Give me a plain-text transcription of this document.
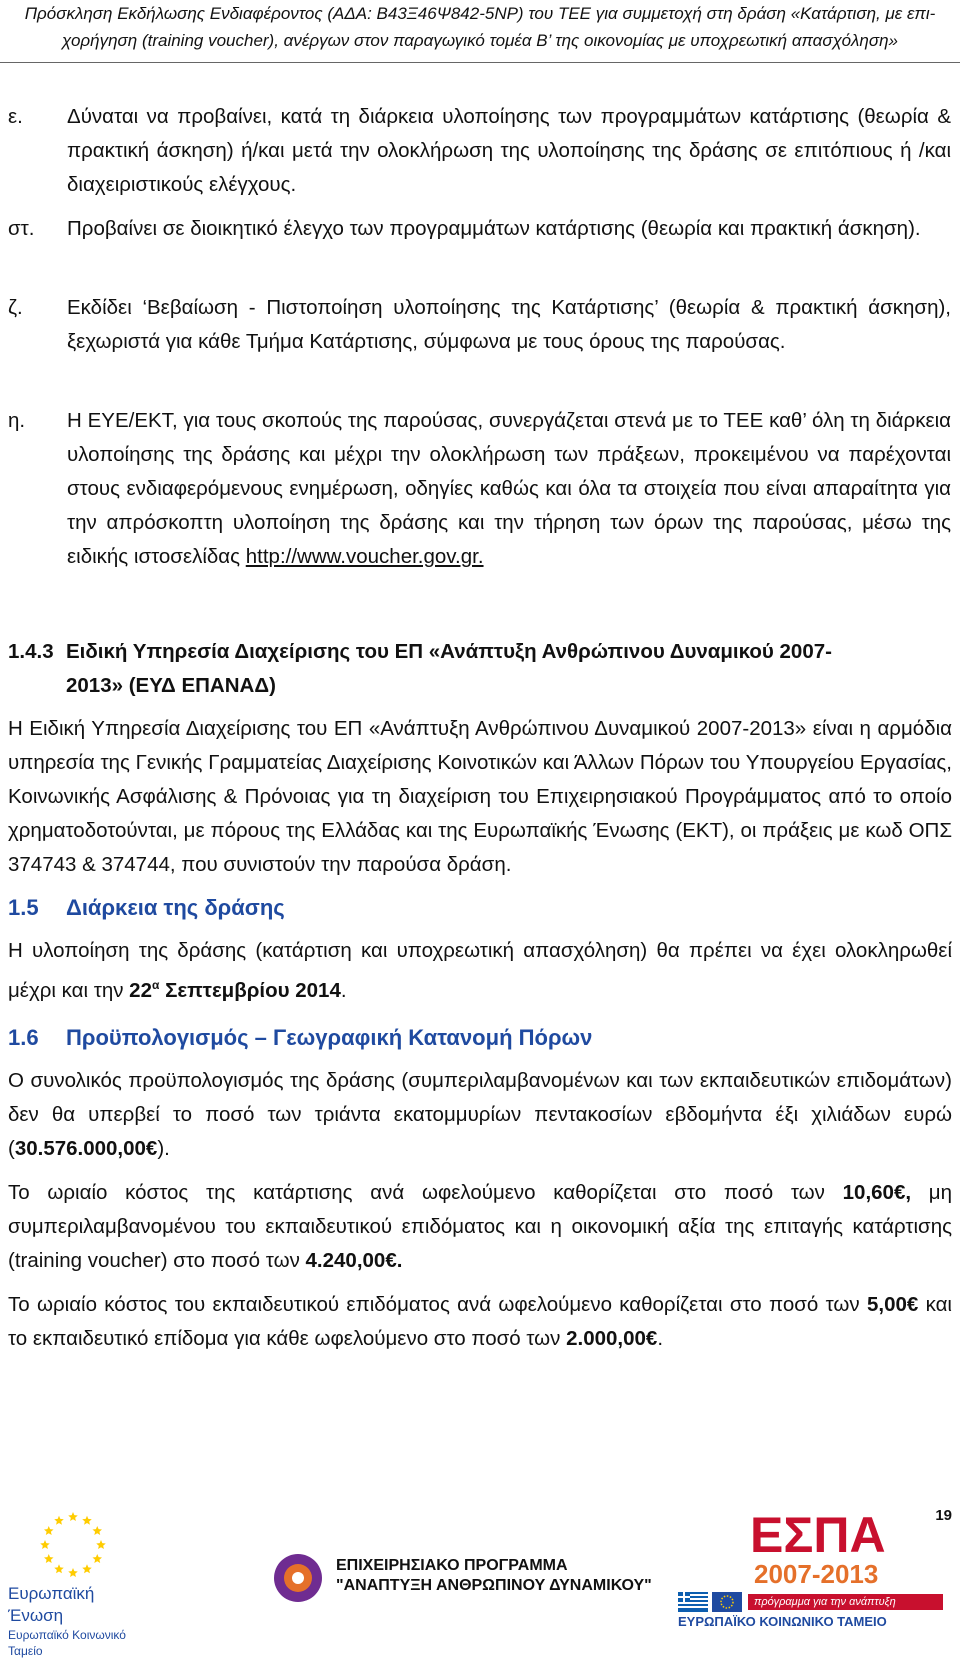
Πρόσκληση Εκδήλωσης Ενδιαφέροντος (ΑΔΑ: Β43Ξ46Ψ842-5ΝΡ) του ΤΕΕ για συμμετοχή στη δράση «Κατάρτιση, με επι-
χορήγηση (training voucher), ανέργων στον παραγωγικό τομέα Β’ της οικονομίας με υποχρεωτική απασχόληση»
ε. Δύναται να προβαίνει, κατά τη διάρκεια υλοποίησης των προγραμμάτων κατάρτισης (θεωρία & πρακτική άσκηση) ή/και μετά την ολοκλήρωση της υλοποίησης της δράσης σε επιτόπιους ή /και διαχειριστικούς ελέγχους.
στ. Προβαίνει σε διοικητικό έλεγχο των προγραμμάτων κατάρτισης (θεωρία και πρακτική άσκηση).
ζ. Εκδίδει ‘Βεβαίωση - Πιστοποίηση υλοποίησης της Κατάρτισης’ (θεωρία & πρακτική άσκηση), ξεχωριστά για κάθε Τμήμα Κατάρτισης, σύμφωνα με τους όρους της παρούσας.
η. Η ΕΥΕ/ΕΚΤ, για τους σκοπούς της παρούσας, συνεργάζεται στενά με το ΤΕΕ καθ’ όλη τη διάρκεια υλοποίησης της δράσης και μέχρι την ολοκλήρωση των πράξεων, προκειμένου να παρέχονται στους ενδιαφερόμενους ενημέρωση, οδηγίες καθώς και όλα τα στοιχεία που είναι απαραίτητα για την απρόσκοπτη υλοποίηση της δράσης και την τήρηση των όρων της παρούσας, μέσω της ειδικής ιστοσελίδας http://www.voucher.gov.gr.
1.4.3 Ειδική Υπηρεσία Διαχείρισης του ΕΠ «Ανάπτυξη Ανθρώπινου Δυναμικού 2007-
2013» (ΕΥΔ ΕΠΑΝΑΔ)
Η Ειδική Υπηρεσία Διαχείρισης του ΕΠ «Ανάπτυξη Ανθρώπινου Δυναμικού 2007-2013» είναι η αρμόδια υπηρεσία της Γενικής Γραμματείας Διαχείρισης Κοινοτικών και Άλλων Πόρων του Υπουργείου Εργασίας, Κοινωνικής Ασφάλισης & Πρόνοιας για τη διαχείριση του Επιχειρησιακού Προγράμματος από το οποίο χρηματοδοτούνται, με πόρους της Ελλάδας και της Ευρωπαϊκής Ένωσης (ΕΚΤ), οι πράξεις με κωδ ΟΠΣ 374743 & 374744, που συνιστούν την παρούσα δράση.
1.5 Διάρκεια της δράσης
Η υλοποίηση της δράσης (κατάρτιση και υποχρεωτική απασχόληση) θα πρέπει να έχει ολοκληρωθεί μέχρι και την $22^\alpha$ Σεπτεμβρίου 2014.
1.6 Προϋπολογισμός – Γεωγραφική Κατανομή Πόρων
Ο συνολικός προϋπολογισμός της δράσης (συμπεριλαμβανομένων και των εκπαιδευτικών επιδομάτων) δεν θα υπερβεί το ποσό των τριάντα εκατομμυρίων πεντακοσίων εβδομήντα έξι χιλιάδων ευρώ (30.576.000,00€).
Το ωριαίο κόστος της κατάρτισης ανά ωφελούμενο καθορίζεται στο ποσό των 10,60€, μη συμπεριλαμβανομένου του εκπαιδευτικού επιδόματος και η οικονομική αξία της επιταγής κατάρτισης (training voucher) στο ποσό των 4.240,00€.
Το ωριαίο κόστος του εκπαιδευτικού επιδόματος ανά ωφελούμενο καθορίζεται στο ποσό των 5,00€ και το εκπαιδευτικό επίδομα για κάθε ωφελούμενο στο ποσό των 2.000,00€.
19
Ευρωπαϊκή Ένωση
Ευρωπαϊκό Κοινωνικό Ταμείο
ΕΠΙΧΕΙΡΗΣΙΑΚΟ ΠΡΟΓΡΑΜΜΑ
"ΑΝΑΠΤΥΞΗ ΑΝΘΡΩΠΙΝΟΥ ΔΥΝΑΜΙΚΟΥ"
ΕΣΠΑ
2007-2013
πρόγραμμα για την ανάπτυξη
ΕΥΡΩΠΑΪΚΟ ΚΟΙΝΩΝΙΚΟ ΤΑΜΕΙΟ
